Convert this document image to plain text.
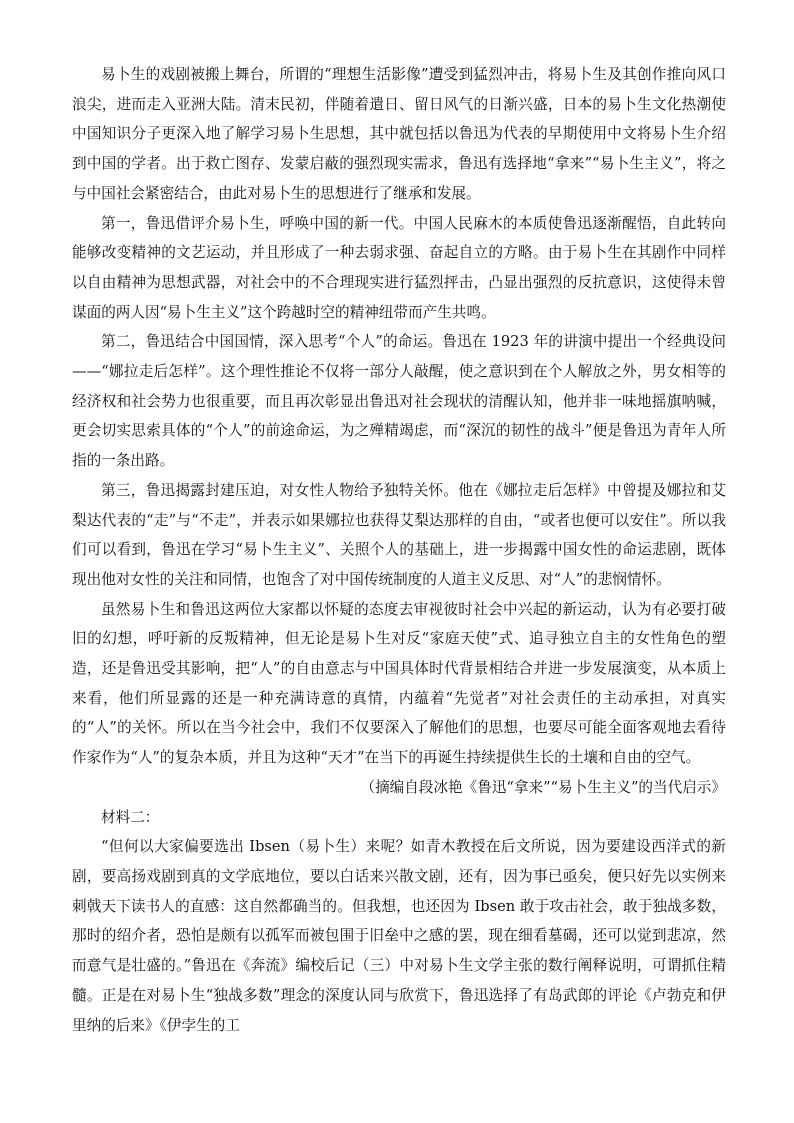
易卜生的戏剧被搬上舞台，所谓的“理想生活影像”遭受到猛烈冲击，将易卜生及其创作推向风口浪尖，进而走入亚洲大陆。清末民初，伴随着遣日、留日风气的日渐兴盛，日本的易卜生文化热潮使中国知识分子更深入地了解学习易卜生思想，其中就包括以鲁迅为代表的早期使用中文将易卜生介绍到中国的学者。出于救亡图存、发蒙启蔽的强烈现实需求，鲁迅有选择地“拿来”“易卜生主义”，将之与中国社会紧密结合，由此对易卜生的思想进行了继承和发展。

第一，鲁迅借评介易卜生，呼唤中国的新一代。中国人民麻木的本质使鲁迅逐渐醒悟，自此转向能够改变精神的文艺运动，并且形成了一种去弱求强、奋起自立的方略。由于易卜生在其剧作中同样以自由精神为思想武器，对社会中的不合理现实进行猛烈抨击，凸显出强烈的反抗意识，这使得未曾谋面的两人因“易卜生主义”这个跨越时空的精神纽带而产生共鸣。

第二，鲁迅结合中国国情，深入思考“个人”的命运。鲁迅在 1923 年的讲演中提出一个经典设问——“娜拉走后怎样”。这个理性推论不仅将一部分人敲醒，使之意识到在个人解放之外，男女相等的经济权和社会势力也很重要，而且再次彰显出鲁迅对社会现状的清醒认知，他并非一味地摇旗呐喊，更会切实思索具体的“个人”的前途命运，为之殚精竭虑，而“深沉的韧性的战斗”便是鲁迅为青年人所指的一条出路。

第三，鲁迅揭露封建压迫，对女性人物给予独特关怀。他在《娜拉走后怎样》中曾提及娜拉和艾梨达代表的“走”与“不走”，并表示如果娜拉也获得艾梨达那样的自由，“或者也便可以安住”。所以我们可以看到，鲁迅在学习“易卜生主义”、关照个人的基础上，进一步揭露中国女性的命运悲剧，既体现出他对女性的关注和同情，也饱含了对中国传统制度的人道主义反思、对“人”的悲悯情怀。

虽然易卜生和鲁迅这两位大家都以怀疑的态度去审视彼时社会中兴起的新运动，认为有必要打破旧的幻想，呼吁新的反叛精神，但无论是易卜生对反“家庭天使”式、追寻独立自主的女性角色的塑造，还是鲁迅受其影响，把“人”的自由意志与中国具体时代背景相结合并进一步发展演变，从本质上来看，他们所显露的还是一种充满诗意的真情，内蕴着“先觉者”对社会责任的主动承担，对真实的“人”的关怀。所以在当今社会中，我们不仅要深入了解他们的思想，也要尽可能全面客观地去看待作家作为“人”的复杂本质，并且为这种“天才”在当下的再诞生持续提供生长的土壤和自由的空气。

（摘编自段冰艳《鲁迅“拿来”“易卜生主义”的当代启示》

材料二：

“但何以大家偏要选出 Ibsen（易卜生）来呢？如青木教授在后文所说，因为要建设西洋式的新剧，要高扬戏剧到真的文学底地位，要以白话来兴散文剧，还有，因为事已亟矣，便只好先以实例来刺戟天下读书人的直感：这自然都确当的。但我想，也还因为 Ibsen 敢于攻击社会，敢于独战多数，那时的绍介者，恐怕是颇有以孤军而被包围于旧垒中之感的罢，现在细看墓碣，还可以觉到悲凉，然而意气是壮盛的。”鲁迅在《奔流》编校后记（三）中对易卜生文学主张的数行阐释说明，可谓抓住精髓。正是在对易卜生“独战多数”理念的深度认同与欣赏下，鲁迅选择了有岛武郎的评论《卢勃克和伊里纳的后来》《伊孛生的工
